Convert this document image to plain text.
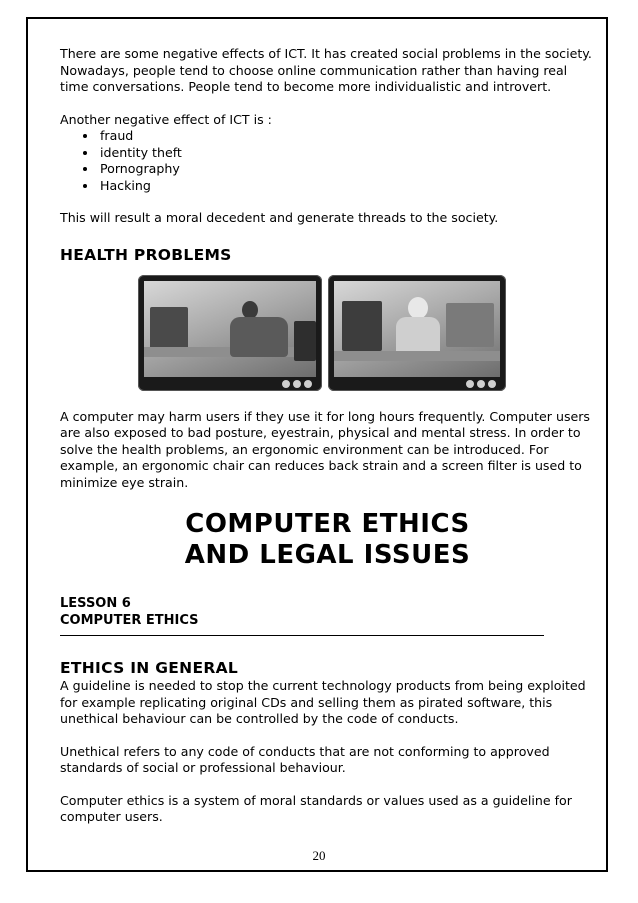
There are some negative effects of ICT. It has created social problems in the society. Nowadays, people tend to choose online communication rather than having real time conversations. People tend to become more individualistic and introvert.

Another negative effect of ICT is :

• fraud
• identity theft
• Pornography
• Hacking

This will result a moral decedent and generate threads to the society.

HEALTH PROBLEMS

A computer may harm users if they use it for long hours frequently. Computer users are also exposed to bad posture, eyestrain, physical and mental stress. In order to solve the health problems, an ergonomic environment can be introduced. For example, an ergonomic chair can reduces back strain and a screen filter is used to minimize eye strain.

COMPUTER ETHICS
AND LEGAL ISSUES
LESSON 6
COMPUTER ETHICS
ETHICS IN GENERAL

A guideline is needed to stop the current technology products from being exploited for example replicating original CDs and selling them as pirated software, this unethical behaviour can be controlled by the code of conducts.

Unethical refers to any code of conducts that are not conforming to approved standards of social or professional behaviour.

Computer ethics is a system of moral standards or values used as a guideline for computer users.

20
